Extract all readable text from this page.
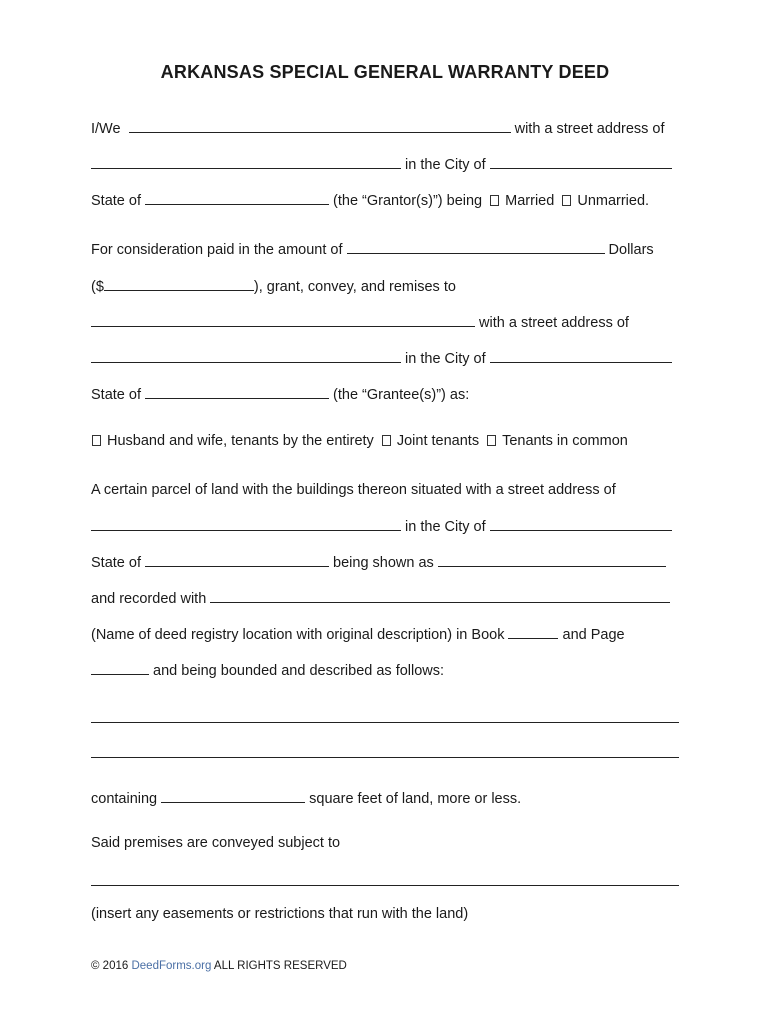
ARKANSAS SPECIAL GENERAL WARRANTY DEED
I/We	with a street address of
in the City of
State of	(the “Grantor(s)”) being Married Unmarried.
For consideration paid in the amount of	Dollars
($	), grant, convey, and remises to
with a street address of
in the City of
State of	(the “Grantee(s)”) as:
Husband and wife, tenants by the entirety Joint tenants Tenants in common
A certain parcel of land with the buildings thereon situated with a street address of
in the City of
State of	being shown as
and recorded with
(Name of deed registry location with original description) in Book	and Page
and being bounded and described as follows:
containing	square feet of land, more or less.
Said premises are conveyed subject to
(insert any easements or restrictions that run with the land)
© 2016 DeedForms.org ALL RIGHTS RESERVED
